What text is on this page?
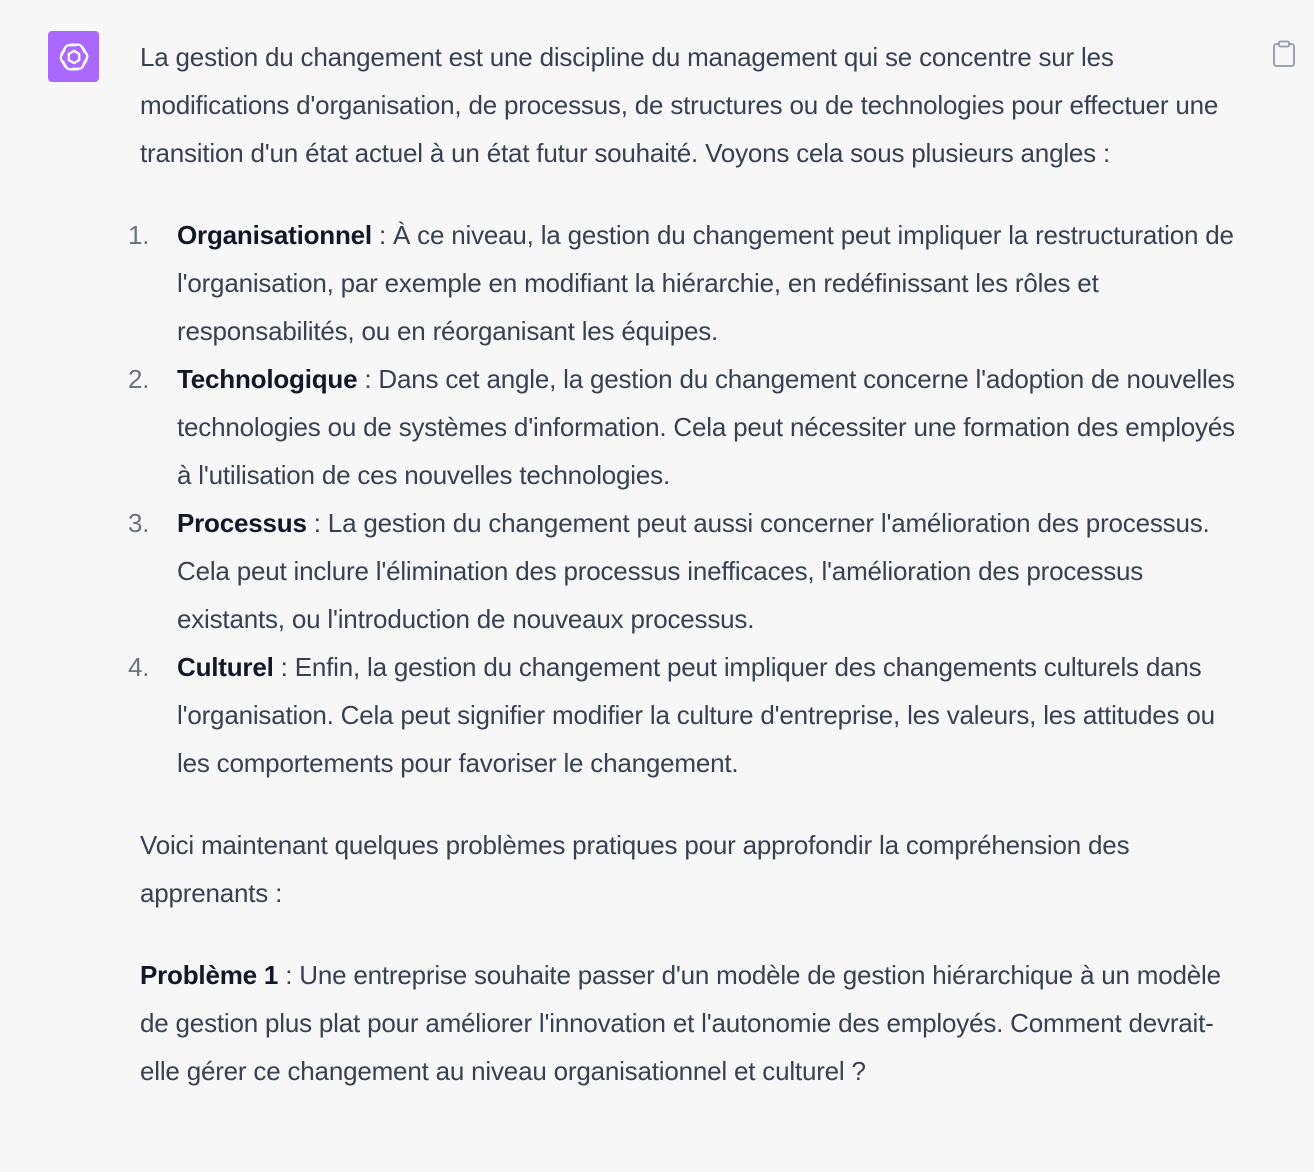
La gestion du changement est une discipline du management qui se concentre sur les modifications d'organisation, de processus, de structures ou de technologies pour effectuer une transition d'un état actuel à un état futur souhaité. Voyons cela sous plusieurs angles :

1. Organisationnel : À ce niveau, la gestion du changement peut impliquer la restructuration de l'organisation, par exemple en modifiant la hiérarchie, en redéfinissant les rôles et responsabilités, ou en réorganisant les équipes.
2. Technologique : Dans cet angle, la gestion du changement concerne l'adoption de nouvelles technologies ou de systèmes d'information. Cela peut nécessiter une formation des employés à l'utilisation de ces nouvelles technologies.
3. Processus : La gestion du changement peut aussi concerner l'amélioration des processus. Cela peut inclure l'élimination des processus inefficaces, l'amélioration des processus existants, ou l'introduction de nouveaux processus.
4. Culturel : Enfin, la gestion du changement peut impliquer des changements culturels dans l'organisation. Cela peut signifier modifier la culture d'entreprise, les valeurs, les attitudes ou les comportements pour favoriser le changement.

Voici maintenant quelques problèmes pratiques pour approfondir la compréhension des apprenants :

Problème 1 : Une entreprise souhaite passer d'un modèle de gestion hiérarchique à un modèle de gestion plus plat pour améliorer l'innovation et l'autonomie des employés. Comment devrait-elle gérer ce changement au niveau organisationnel et culturel ?
